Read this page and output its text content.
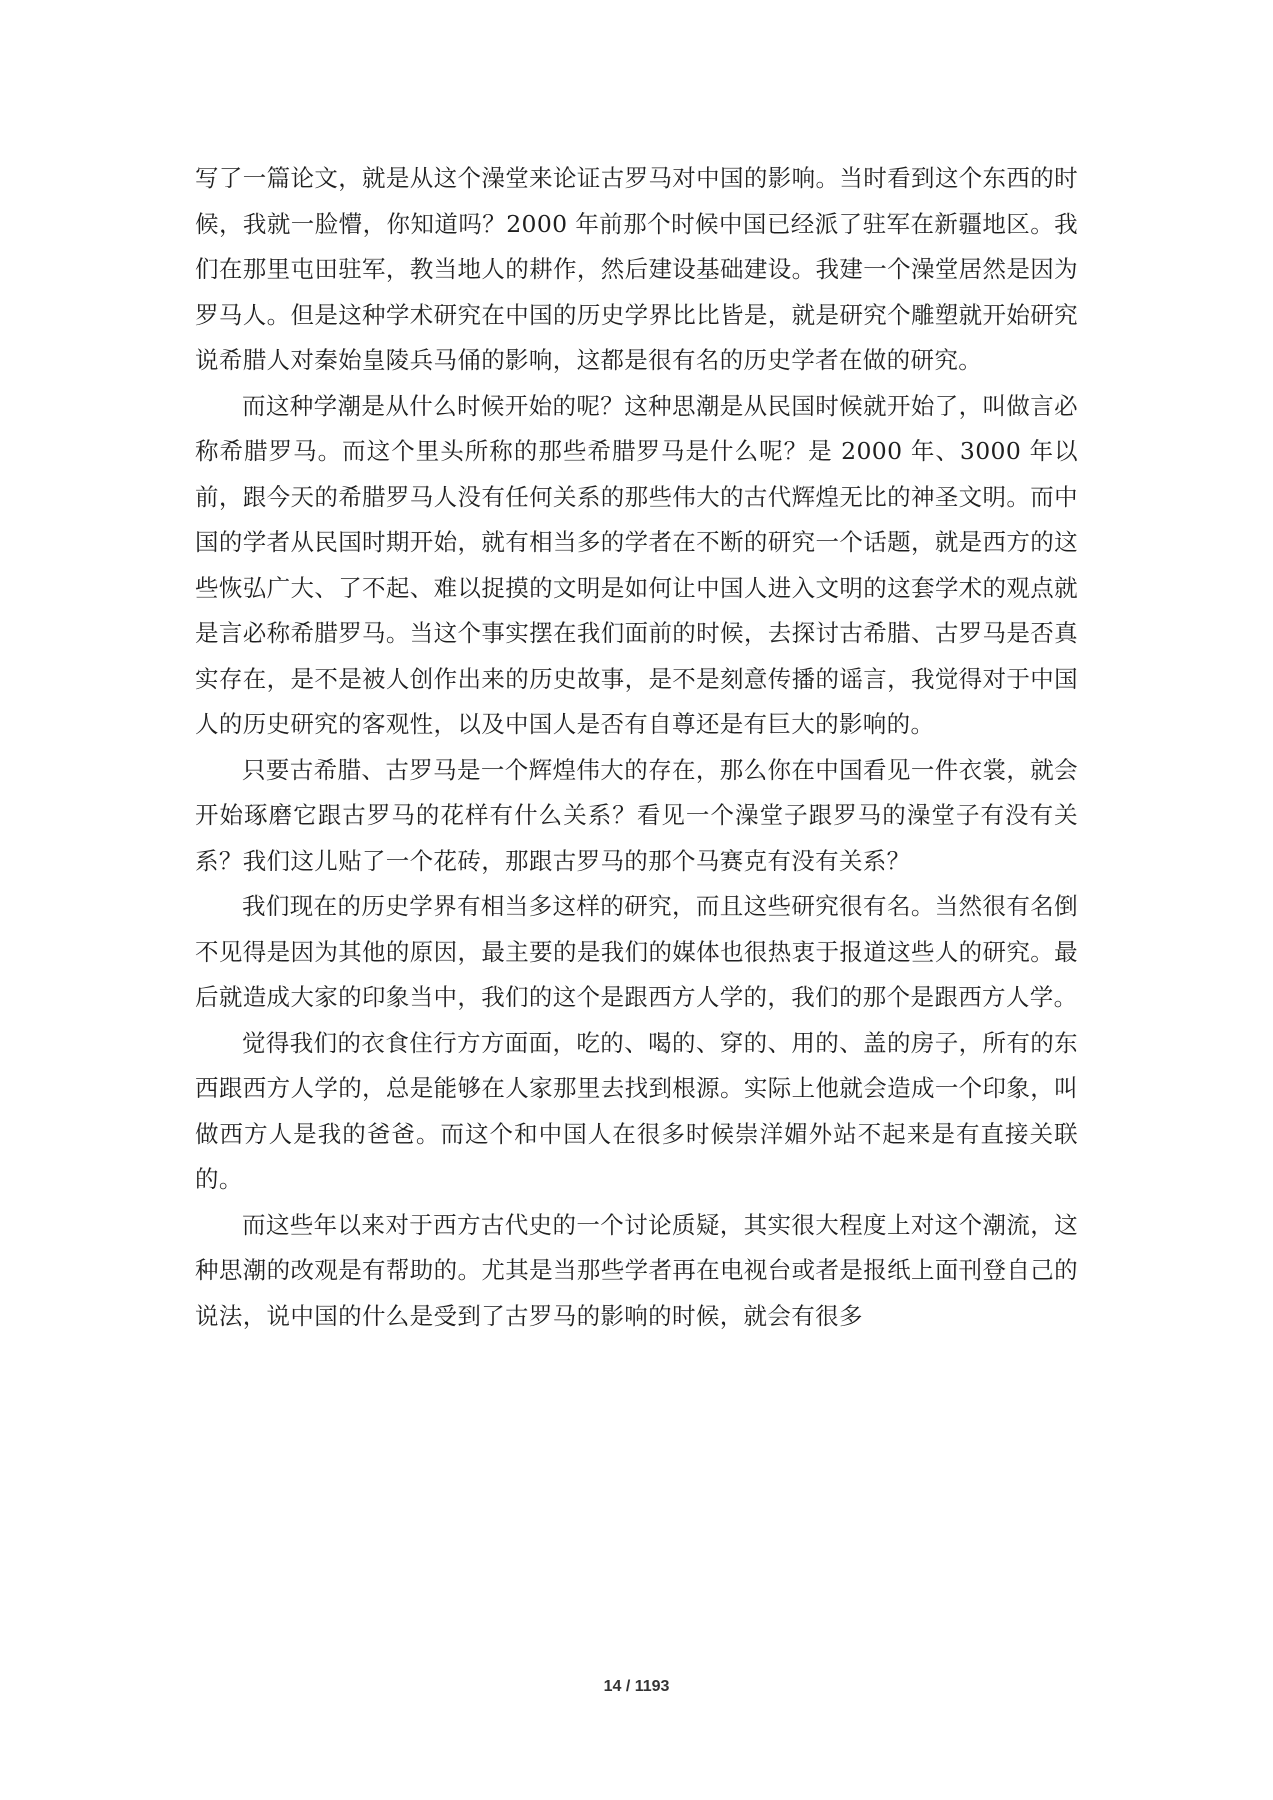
写了一篇论文，就是从这个澡堂来论证古罗马对中国的影响。当时看到这个东西的时候，我就一脸懵，你知道吗？2000 年前那个时候中国已经派了驻军在新疆地区。我们在那里屯田驻军，教当地人的耕作，然后建设基础建设。我建一个澡堂居然是因为罗马人。但是这种学术研究在中国的历史学界比比皆是，就是研究个雕塑就开始研究说希腊人对秦始皇陵兵马俑的影响，这都是很有名的历史学者在做的研究。

而这种学潮是从什么时候开始的呢？这种思潮是从民国时候就开始了，叫做言必称希腊罗马。而这个里头所称的那些希腊罗马是什么呢？是 2000 年、3000 年以前，跟今天的希腊罗马人没有任何关系的那些伟大的古代辉煌无比的神圣文明。而中国的学者从民国时期开始，就有相当多的学者在不断的研究一个话题，就是西方的这些恢弘广大、了不起、难以捉摸的文明是如何让中国人进入文明的这套学术的观点就是言必称希腊罗马。当这个事实摆在我们面前的时候，去探讨古希腊、古罗马是否真实存在，是不是被人创作出来的历史故事，是不是刻意传播的谣言，我觉得对于中国人的历史研究的客观性，以及中国人是否有自尊还是有巨大的影响的。

只要古希腊、古罗马是一个辉煌伟大的存在，那么你在中国看见一件衣裳，就会开始琢磨它跟古罗马的花样有什么关系？看见一个澡堂子跟罗马的澡堂子有没有关系？我们这儿贴了一个花砖，那跟古罗马的那个马赛克有没有关系？

我们现在的历史学界有相当多这样的研究，而且这些研究很有名。当然很有名倒不见得是因为其他的原因，最主要的是我们的媒体也很热衷于报道这些人的研究。最后就造成大家的印象当中，我们的这个是跟西方人学的，我们的那个是跟西方人学。

觉得我们的衣食住行方方面面，吃的、喝的、穿的、用的、盖的房子，所有的东西跟西方人学的，总是能够在人家那里去找到根源。实际上他就会造成一个印象，叫做西方人是我的爸爸。而这个和中国人在很多时候崇洋媚外站不起来是有直接关联的。

而这些年以来对于西方古代史的一个讨论质疑，其实很大程度上对这个潮流，这种思潮的改观是有帮助的。尤其是当那些学者再在电视台或者是报纸上面刊登自己的说法，说中国的什么是受到了古罗马的影响的时候，就会有很多

14 / 1193
